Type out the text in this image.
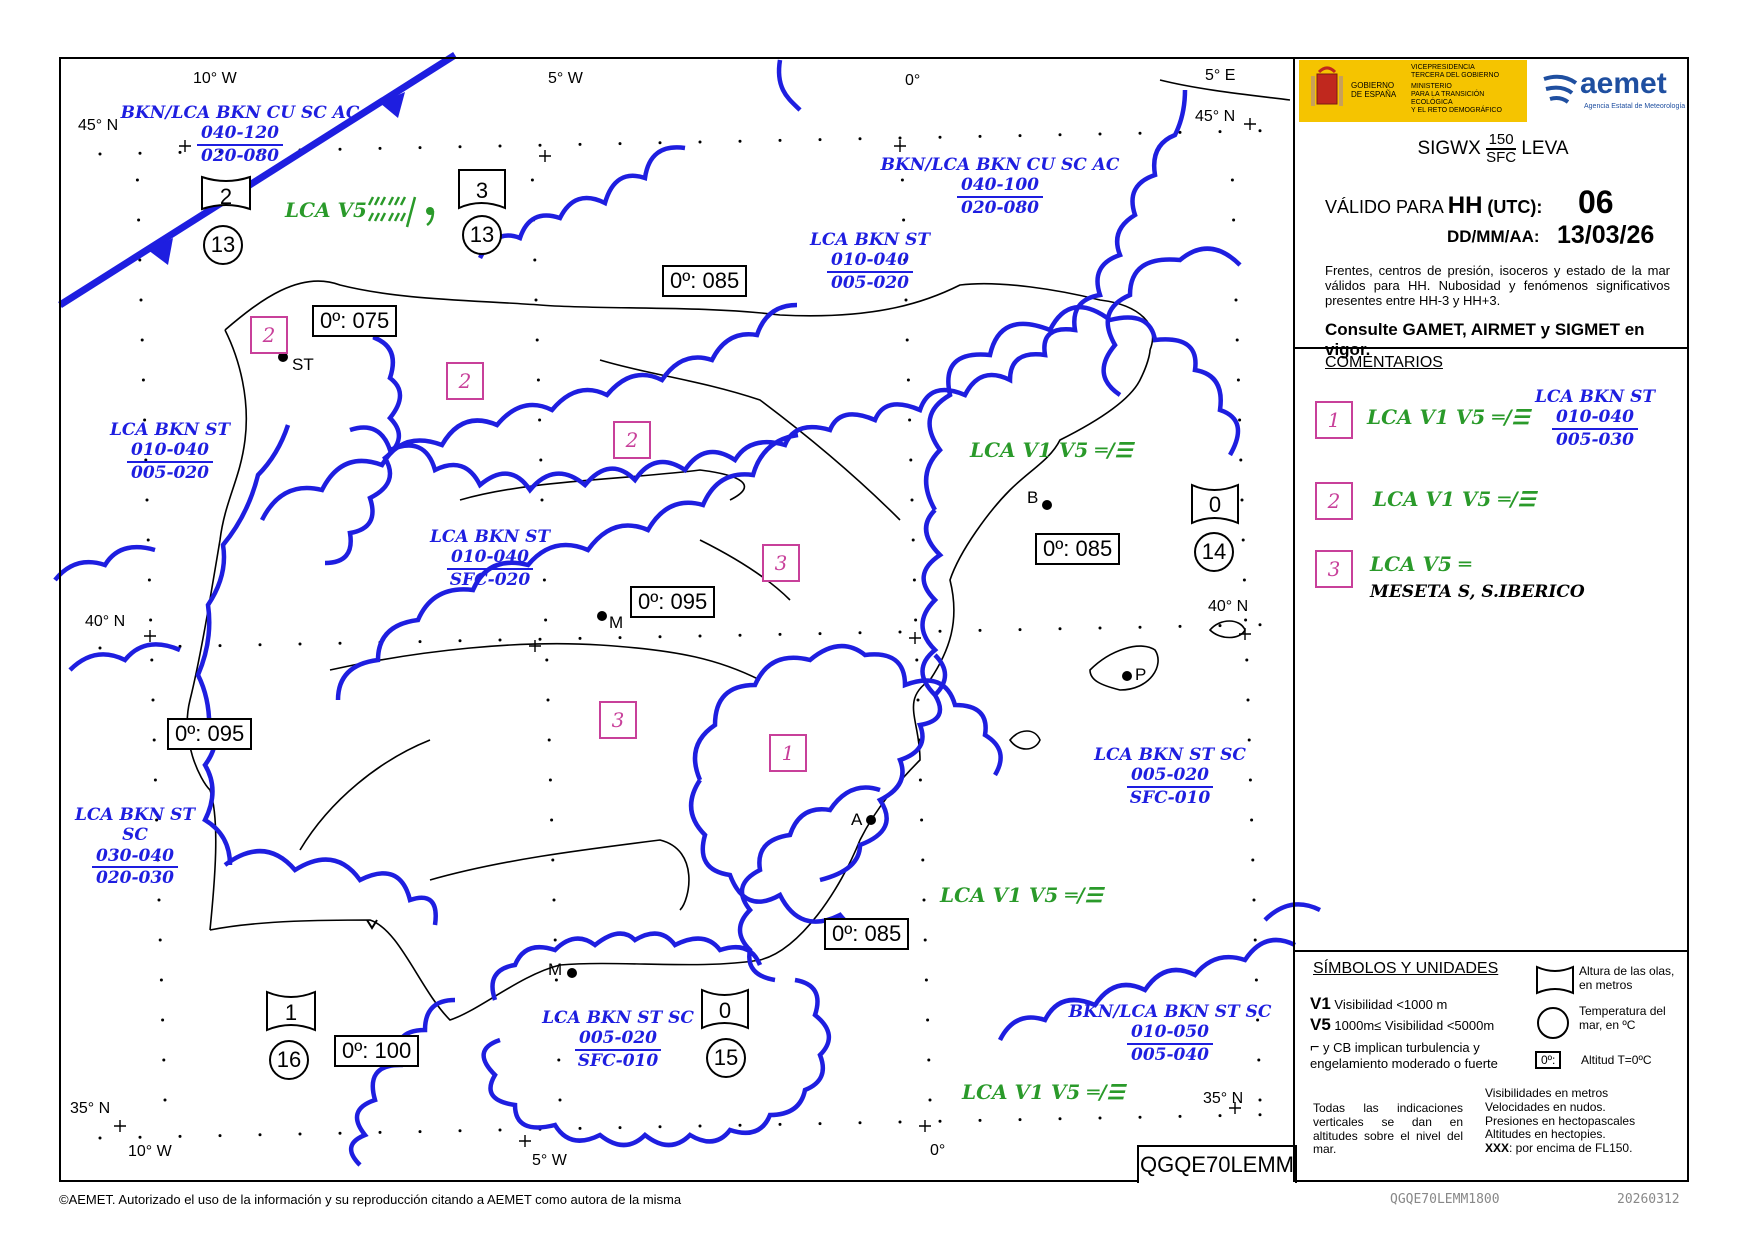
10° W	5° W	0°	5° E
45° N
45° N
40° N
40° N
35° N
35° N
10° W
5° W
0°
ST
B
M
P
A
M
0º: 085
0º: 075
0º: 085
0º: 095
0º: 095
0º: 085
0º: 100
2	3
0
1	0
13	13
14
16	15
BKN/LCA BKN CU SC AC
$\frac{040-120}{020-080}$	BKN/LCA BKN CU SC AC
$\frac{040-100}{020-080}$
LCA BKN ST
$\frac{010-040}{005-020}$
LCA BKN ST
$\frac{010-040}{005-020}$
LCA BKN ST
$\frac{010-040}{\text{SFC-020}}$
LCA BKN ST SC
$\frac{030-040}{020-030}$
LCA BKN ST SC
$\frac{005-020}{\text{SFC-010}}$
LCA BKN ST SC
$\frac{005-020}{\text{SFC-010}}$
BKN/LCA BKN ST SC
$\frac{010-050}{005-040}$
LCA V5
LCA V1 V5 ═/☰
LCA V1 V5 ═/☰
LCA V1 V5 ═/☰
2
2
2
3
3
1
QGQE70LEMM
GOBIERNO
DE ESPAÑA
VICEPRESIDENCIA
TERCERA DEL GOBIERNO
MINISTERIO
PARA LA TRANSICIÓN ECOLÓGICA
Y EL RETO DEMOGRÁFICO
aemet
Agencia Estatal de Meteorología
SIGWX 150
SFC LEVA
VÁLIDO PARA HH (UTC): 06
DD/MM/AA: 13/03/26
Frentes, centros de presión, isoceros y estado de la mar válidos para HH. Nubosidad y fenómenos significativos presentes entre HH-3 y HH+3.
Consulte GAMET, AIRMET y SIGMET en vigor.
COMENTARIOS
1	LCA V1 V5 ═/☰
LCA BKN ST
$\frac{010-040}{005-030}$
2	LCA V1 V5 ═/☰
3	LCA V5 ═
MESETA S, S.IBERICO
SÍMBOLOS Y UNIDADES
V1 Visibilidad <1000 m
V5 1000m≤ Visibilidad <5000m
⌐ y CB implican turbulencia y
engelamiento moderado o fuerte
Altura de las olas, en metros
Temperatura del mar, en ºC
0º:	Altitud T=0ºC
Todas las indicaciones verticales se dan en altitudes sobre el nivel del mar.
Visibilidades en metros
Velocidades en nudos.
Presiones en hectopascales
Altitudes en hectopies.
XXX: por encima de FL150.
©AEMET. Autorizado el uso de la información y su reproducción citando a AEMET como autora de la misma	QGQE70LEMM1800	20260312
